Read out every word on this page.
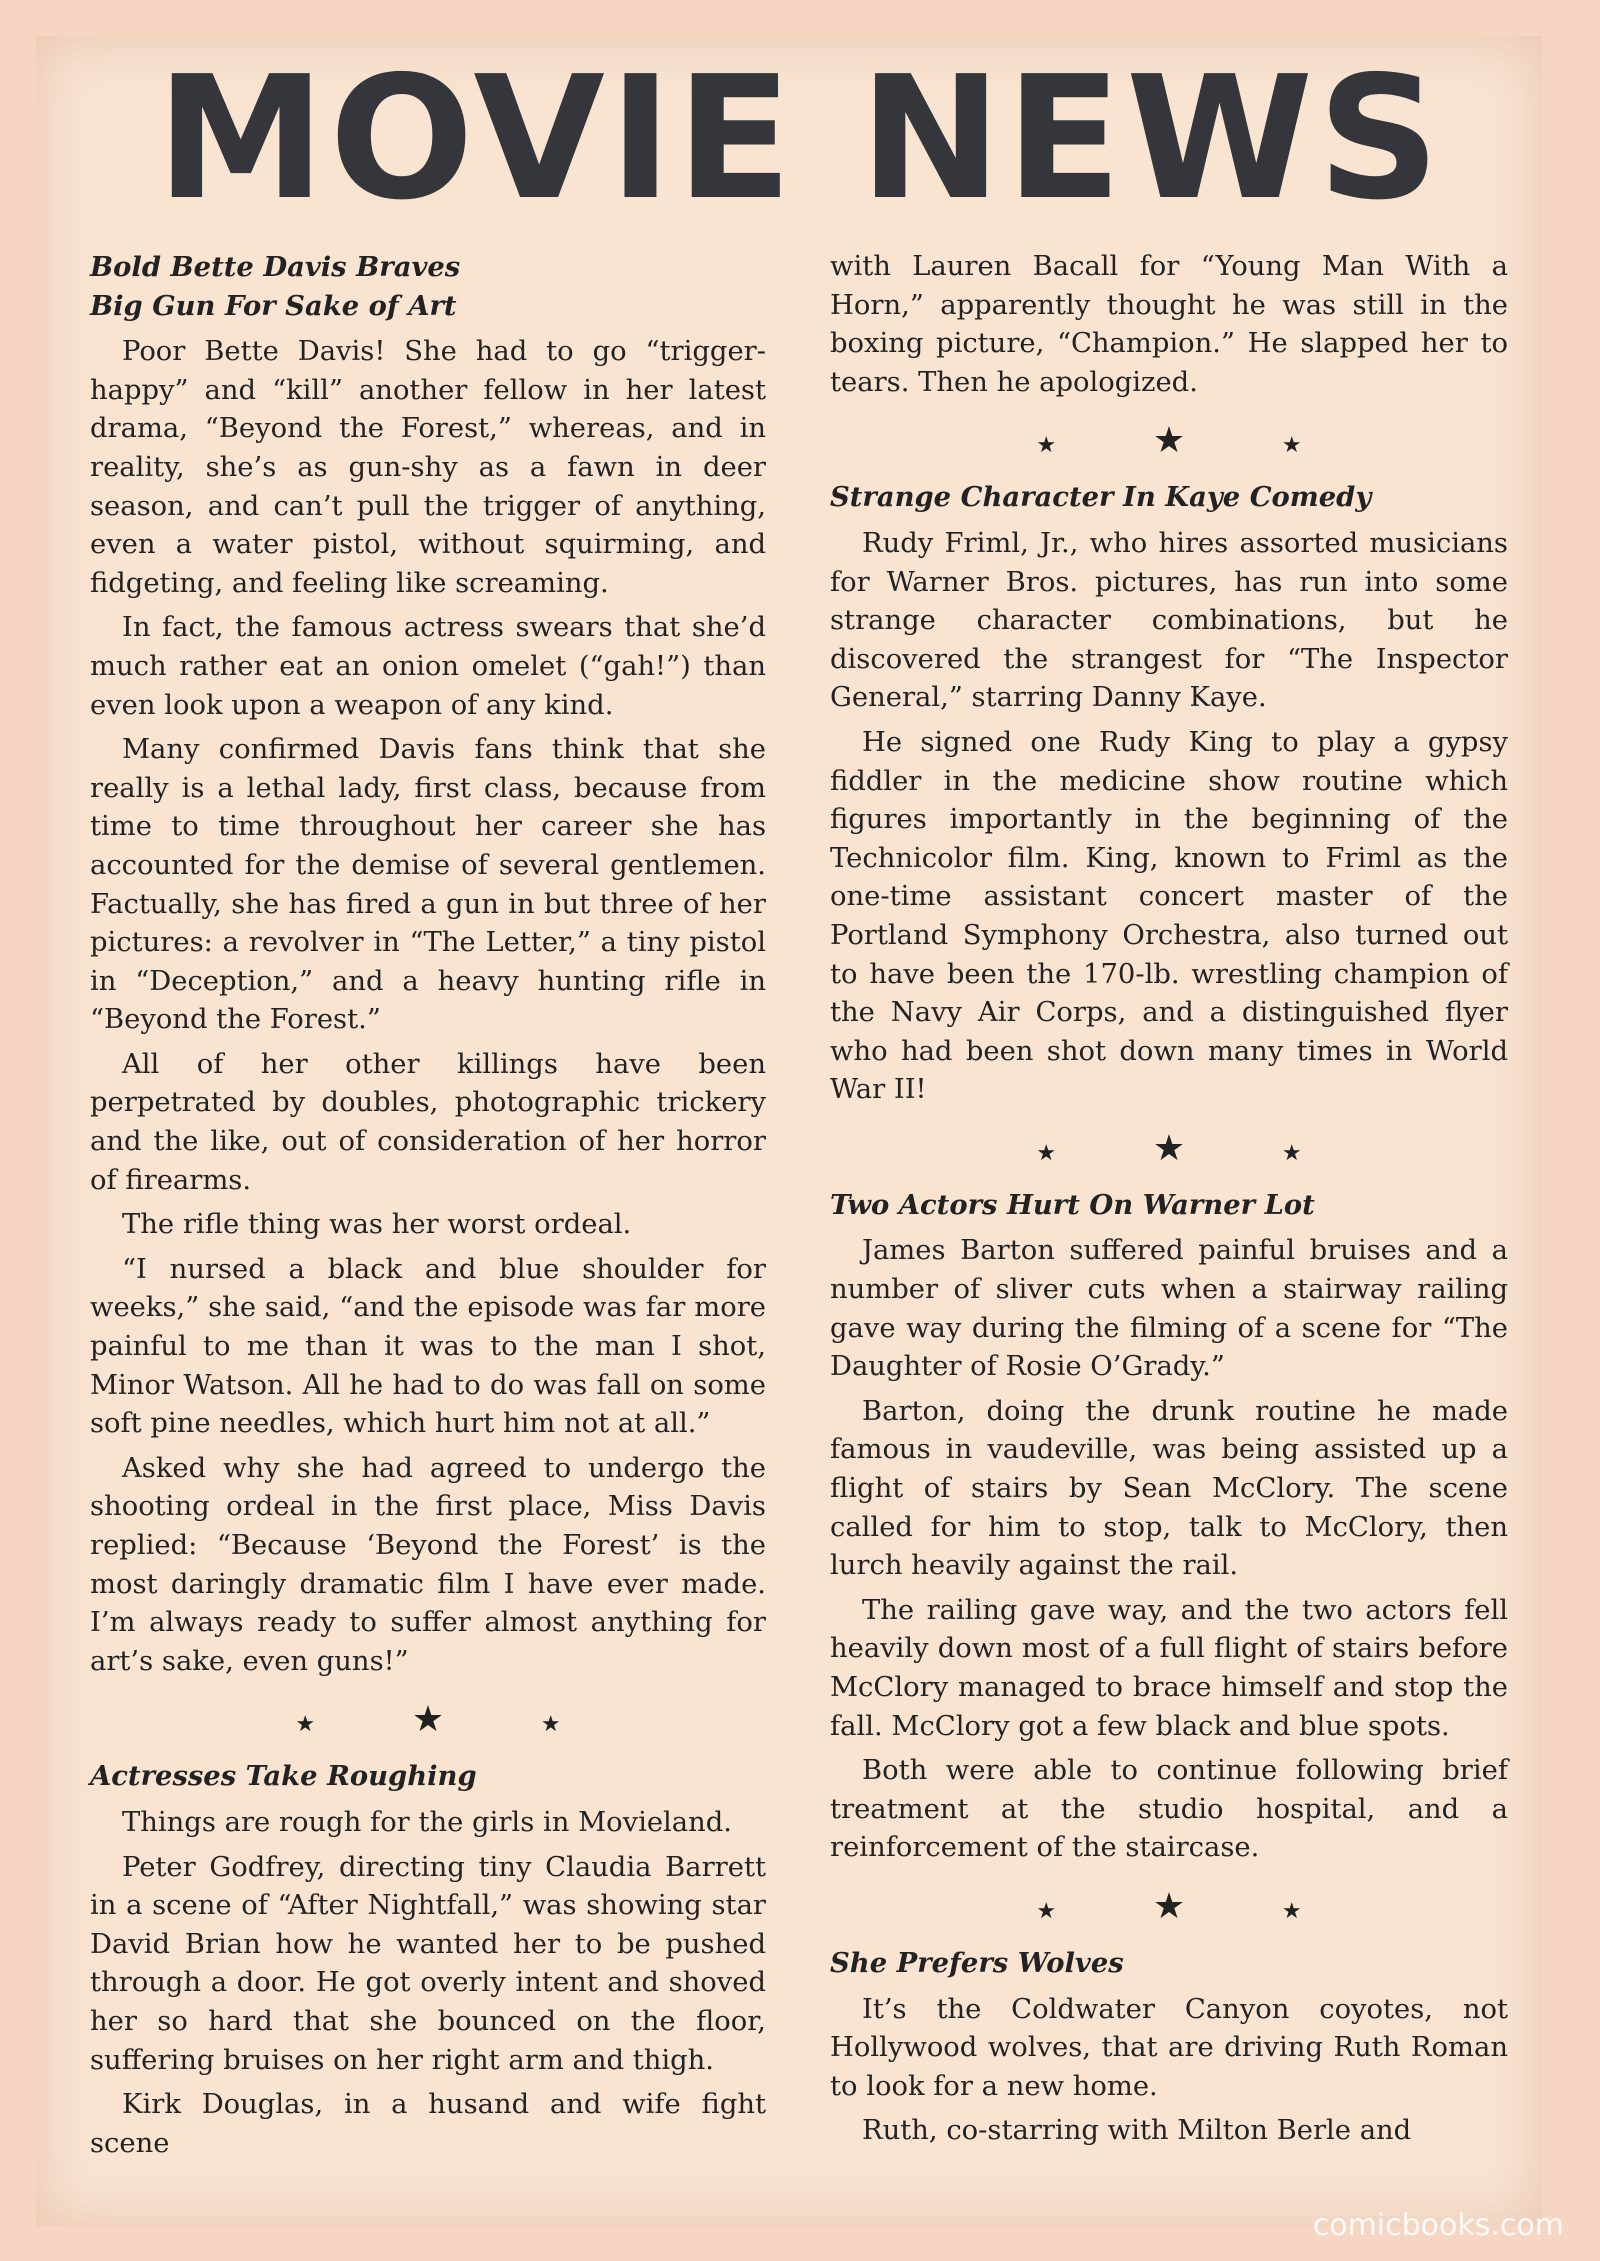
MOVIE NEWS
Bold Bette Davis Braves
Big Gun For Sake of Art

Poor Bette Davis! She had to go “trigger-happy” and “kill” another fellow in her latest drama, “Beyond the Forest,” whereas, and in reality, she’s as gun-shy as a fawn in deer season, and can’t pull the trigger of anything, even a water pistol, without squirming, and fidgeting, and feeling like screaming.

In fact, the famous actress swears that she’d much rather eat an onion omelet (“gah!”) than even look upon a weapon of any kind.

Many confirmed Davis fans think that she really is a lethal lady, first class, because from time to time throughout her career she has accounted for the demise of several gentlemen. Factually, she has fired a gun in but three of her pictures: a revolver in “The Letter,” a tiny pistol in “Deception,” and a heavy hunting rifle in “Beyond the Forest.”

All of her other killings have been perpetrated by doubles, photographic trickery and the like, out of consideration of her horror of firearms.

The rifle thing was her worst ordeal.

“I nursed a black and blue shoulder for weeks,” she said, “and the episode was far more painful to me than it was to the man I shot, Minor Watson. All he had to do was fall on some soft pine needles, which hurt him not at all.”

Asked why she had agreed to undergo the shooting ordeal in the first place, Miss Davis replied: “Because ‘Beyond the Forest’ is the most daringly dramatic film I have ever made. I’m always ready to suffer almost anything for art’s sake, even guns!”

★	★	★
Actresses Take Roughing

Things are rough for the girls in Movieland.

Peter Godfrey, directing tiny Claudia Barrett in a scene of “After Nightfall,” was showing star David Brian how he wanted her to be pushed through a door. He got overly intent and shoved her so hard that she bounced on the floor, suffering bruises on her right arm and thigh.

Kirk Douglas, in a husand and wife fight scene

with Lauren Bacall for “Young Man With a Horn,” apparently thought he was still in the boxing picture, “Champion.” He slapped her to tears. Then he apologized.

★	★	★
Strange Character In Kaye Comedy

Rudy Friml, Jr., who hires assorted musicians for Warner Bros. pictures, has run into some strange character combinations, but he discovered the strangest for “The Inspector General,” starring Danny Kaye.

He signed one Rudy King to play a gypsy fiddler in the medicine show routine which figures importantly in the beginning of the Technicolor film. King, known to Friml as the one-time assistant concert master of the Portland Symphony Orchestra, also turned out to have been the 170-lb. wrestling champion of the Navy Air Corps, and a distinguished flyer who had been shot down many times in World War II!

★	★	★
Two Actors Hurt On Warner Lot

James Barton suffered painful bruises and a number of sliver cuts when a stairway railing gave way during the filming of a scene for “The Daughter of Rosie O’Grady.”

Barton, doing the drunk routine he made famous in vaudeville, was being assisted up a flight of stairs by Sean McClory. The scene called for him to stop, talk to McClory, then lurch heavily against the rail.

The railing gave way, and the two actors fell heavily down most of a full flight of stairs before McClory managed to brace himself and stop the fall. McClory got a few black and blue spots.

Both were able to continue following brief treatment at the studio hospital, and a reinforcement of the staircase.

★	★	★
She Prefers Wolves

It’s the Coldwater Canyon coyotes, not Hollywood wolves, that are driving Ruth Roman to look for a new home.

Ruth, co-starring with Milton Berle and

comicbooks.com
